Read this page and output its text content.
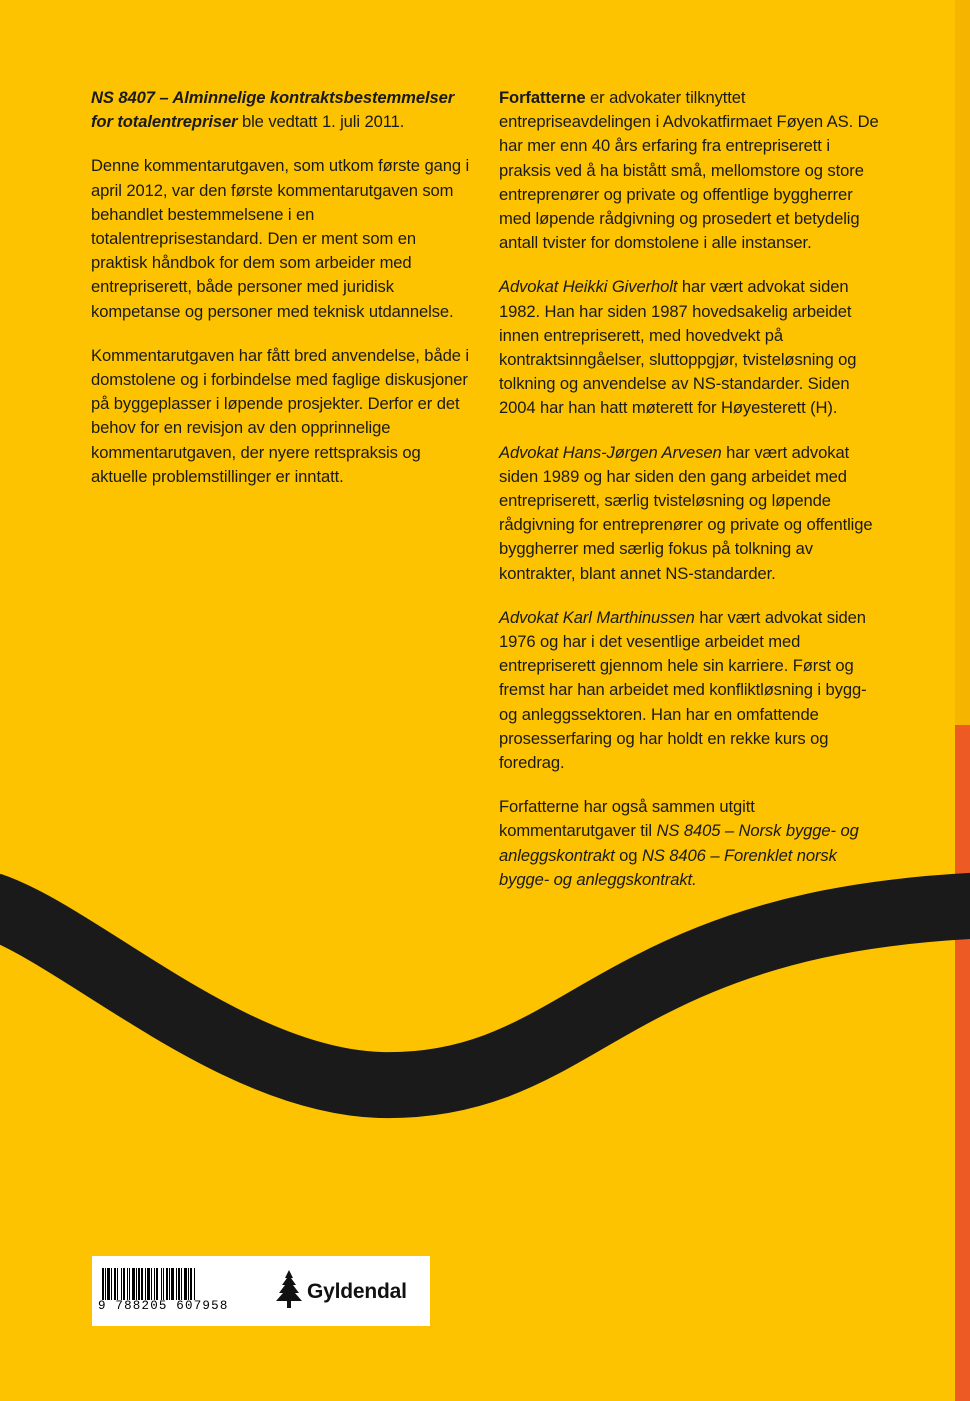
NS 8407 – Alminnelige kontraktsbestemmelser
for totalentrepriser ble vedtatt 1. juli 2011.

Denne kommentarutgaven, som utkom første gang i april 2012, var den første kommentarutgaven som behandlet bestemmelsene i en totalentreprisestandard. Den er ment som en praktisk håndbok for dem som arbeider med entrepriserett, både personer med juridisk kompetanse og personer med teknisk utdannelse.

Kommentarutgaven har fått bred anvendelse, både i domstolene og i forbindelse med faglige diskusjoner på byggeplasser i løpende prosjekter. Derfor er det behov for en revisjon av den opprinnelige kommentarutgaven, der nyere rettspraksis og aktuelle problemstillinger er inntatt.

Forfatterne er advokater tilknyttet entrepriseavdelingen i Advokatfirmaet Føyen AS. De har mer enn 40 års erfaring fra entrepriserett i praksis ved å ha bistått små, mellomstore og store entreprenører og private og offentlige byggherrer med løpende rådgivning og prosedert et betydelig antall tvister for domstolene i alle instanser.

Advokat Heikki Giverholt har vært advokat siden 1982. Han har siden 1987 hovedsakelig arbeidet innen entrepriserett, med hovedvekt på kontraktsinngåelser, sluttoppgjør, tvisteløsning og tolkning og anvendelse av NS-standarder. Siden 2004 har han hatt møterett for Høyesterett (H).

Advokat Hans-Jørgen Arvesen har vært advokat siden 1989 og har siden den gang arbeidet med entrepriserett, særlig tvisteløsning og løpende rådgivning for entreprenører og private og offentlige byggherrer med særlig fokus på tolkning av kontrakter, blant annet NS-standarder.

Advokat Karl Marthinussen har vært advokat siden 1976 og har i det vesentlige arbeidet med entrepriserett gjennom hele sin karriere. Først og fremst har han arbeidet med konfliktløsning i bygg- og anleggssektoren. Han har en omfattende prosesserfaring og har holdt en rekke kurs og foredrag.

Forfatterne har også sammen utgitt kommentarutgaver til NS 8405 – Norsk bygge- og anleggskontrakt og NS 8406 – Forenklet norsk bygge- og anleggskontrakt.

9 788205 607958
Gyldendal
